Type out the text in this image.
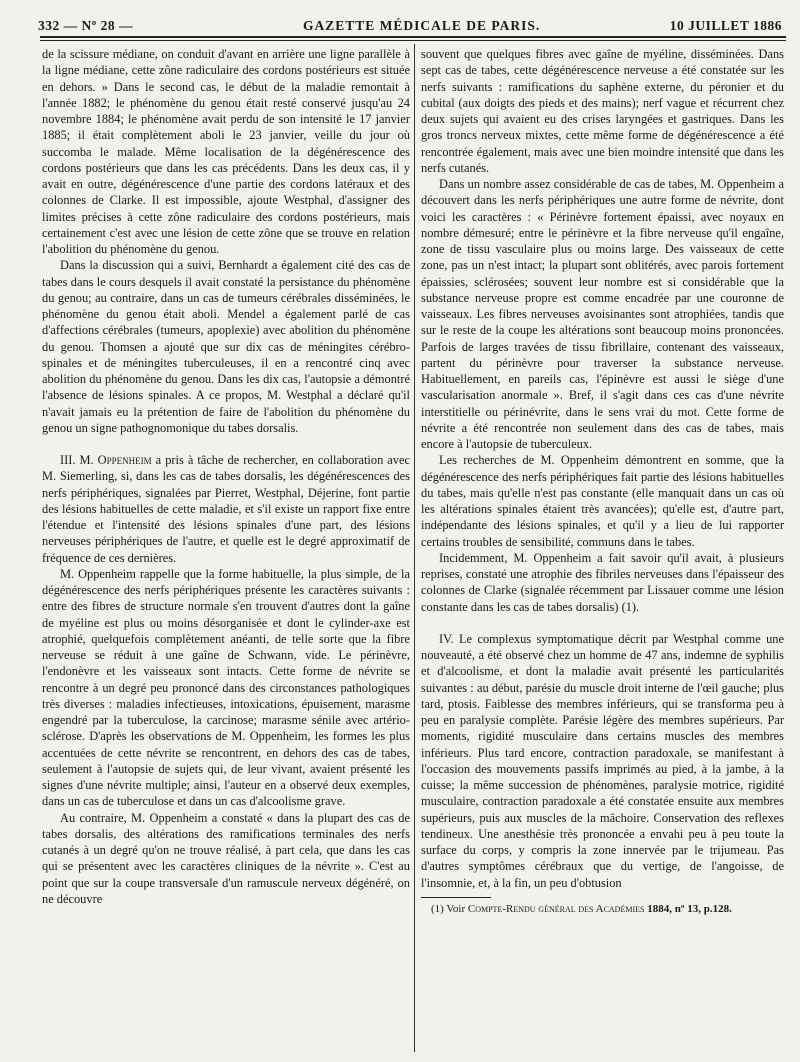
332 — Nº 28 —	GAZETTE MÉDICALE DE PARIS.	10 JUILLET 1886

de la scissure médiane, on conduit d'avant en arrière une ligne parallèle à la ligne médiane, cette zône radiculaire des cordons postérieurs est située en dehors. » Dans le second cas, le début de la maladie remontait à l'année 1882; le phénomène du genou était resté conservé jusqu'au 24 novembre 1884; le phénomène avait perdu de son intensité le 17 janvier 1885; il était complètement aboli le 23 janvier, veille du jour où succomba le malade. Même localisation de la dégénérescence des cordons postérieurs que dans les cas précédents. Dans les deux cas, il y avait en outre, dégénérescence d'une partie des cordons latéraux et des colonnes de Clarke. Il est impossible, ajoute Westphal, d'assigner des limites précises à cette zône radiculaire des cordons postérieurs, mais certainement c'est avec une lésion de cette zône que se trouve en relation l'abolition du phénomène du genou.

Dans la discussion qui a suivi, Bernhardt a également cité des cas de tabes dans le cours desquels il avait constaté la persistance du phénomène du genou; au contraire, dans un cas de tumeurs cérébrales disséminées, le phénomène du genou était aboli. Mendel a également parlé de cas d'affections cérébrales (tumeurs, apoplexie) avec abolition du phénomène du genou. Thomsen a ajouté que sur dix cas de méningites cérébro-spinales et de méningites tuberculeuses, il en a rencontré cinq avec abolition du phénomène du genou. Dans les dix cas, l'autopsie a démontré l'absence de lésions spinales. A ce propos, M. Westphal a déclaré qu'il n'avait jamais eu la prétention de faire de l'abolition du phénomène du genou un signe pathognomonique du tabes dorsalis.

III. M. Oppenheim a pris à tâche de rechercher, en collaboration avec M. Siemerling, si, dans les cas de tabes dorsalis, les dégénérescences des nerfs périphériques, signalées par Pierret, Westphal, Déjerine, font partie des lésions habituelles de cette maladie, et s'il existe un rapport fixe entre l'étendue et l'intensité des lésions spinales d'une part, des lésions nerveuses périphériques de l'autre, et quelle est le degré approximatif de fréquence de ces dernières.

M. Oppenheim rappelle que la forme habituelle, la plus simple, de la dégénérescence des nerfs périphériques présente les caractères suivants : entre des fibres de structure normale s'en trouvent d'autres dont la gaîne de myéline est plus ou moins désorganisée et dont le cylinder-axe est atrophié, quelquefois complètement anéanti, de telle sorte que la fibre nerveuse se réduit à une gaîne de Schwann, vide. Le périnèvre, l'endonèvre et les vaisseaux sont intacts. Cette forme de névrite se rencontre à un degré peu prononcé dans des circonstances pathologiques très diverses : maladies infectieuses, intoxications, épuisement, marasme engendré par la tuberculose, la carcinose; marasme sénile avec artério-sclérose. D'après les observations de M. Oppenheim, les formes les plus accentuées de cette névrite se rencontrent, en dehors des cas de tabes, seulement à l'autopsie de sujets qui, de leur vivant, avaient présenté les signes d'une névrite multiple; ainsi, l'auteur en a observé deux exemples, dans un cas de tuberculose et dans un cas d'alcoolisme grave.

Au contraire, M. Oppenheim a constaté « dans la plupart des cas de tabes dorsalis, des altérations des ramifications terminales des nerfs cutanés à un degré qu'on ne trouve réalisé, à part cela, que dans les cas qui se présentent avec les caractères cliniques de la névrite ». C'est au point que sur la coupe transversale d'un ramuscule nerveux dégénéré, on ne découvre

souvent que quelques fibres avec gaîne de myéline, disséminées. Dans sept cas de tabes, cette dégénérescence nerveuse a été constatée sur les nerfs suivants : ramifications du saphène externe, du péronier et du cubital (aux doigts des pieds et des mains); nerf vague et récurrent chez deux sujets qui avaient eu des crises laryngées et gastriques. Dans les gros troncs nerveux mixtes, cette même forme de dégénérescence a été rencontrée également, mais avec une bien moindre intensité que dans les nerfs cutanés.

Dans un nombre assez considérable de cas de tabes, M. Oppenheim a découvert dans les nerfs périphériques une autre forme de névrite, dont voici les caractères : « Périnèvre fortement épaissi, avec noyaux en nombre démesuré; entre le périnèvre et la fibre nerveuse qu'il engaîne, zone de tissu vasculaire plus ou moins large. Des vaisseaux de cette zone, pas un n'est intact; la plupart sont oblitérés, avec parois fortement épaissies, sclérosées; souvent leur nombre est si considérable que la substance nerveuse propre est comme encadrée par une couronne de vaisseaux. Les fibres nerveuses avoisinantes sont atrophiées, tandis que sur le reste de la coupe les altérations sont beaucoup moins prononcées. Parfois de larges travées de tissu fibrillaire, contenant des vaisseaux, partent du périnèvre pour traverser la substance nerveuse. Habituellement, en pareils cas, l'épinèvre est aussi le siège d'une vascularisation anormale ». Bref, il s'agit dans ces cas d'une névrite interstitielle ou périnévrite, dans le sens vrai du mot. Cette forme de névrite a été rencontrée non seulement dans des cas de tabes, mais encore à l'autopsie de tuberculeux.

Les recherches de M. Oppenheim démontrent en somme, que la dégénérescence des nerfs périphériques fait partie des lésions habituelles du tabes, mais qu'elle n'est pas constante (elle manquait dans un cas où les altérations spinales étaient très avancées); qu'elle est, d'autre part, indépendante des lésions spinales, et qu'il y a lieu de lui rapporter certains troubles de sensibilité, communs dans le tabes.

Incidemment, M. Oppenheim a fait savoir qu'il avait, à plusieurs reprises, constaté une atrophie des fibriles nerveuses dans l'épaisseur des colonnes de Clarke (signalée récemment par Lissauer comme une lésion constante dans les cas de tabes dorsalis) (1).

IV. Le complexus symptomatique décrit par Westphal comme une nouveauté, a été observé chez un homme de 47 ans, indemne de syphilis et d'alcoolisme, et dont la maladie avait présenté les particularités suivantes : au début, parésie du muscle droit interne de l'œil gauche; plus tard, ptosis. Faiblesse des membres inférieurs, qui se transforma peu à peu en paralysie complète. Parésie légère des membres supérieurs. Par moments, rigidité musculaire dans certains muscles des membres inférieurs. Plus tard encore, contraction paradoxale, se manifestant à l'occasion des mouvements passifs imprimés au pied, à la jambe, à la cuisse; la même succession de phénomènes, paralysie motrice, rigidité musculaire, contraction paradoxale a été constatée ensuite aux membres supérieurs, puis aux muscles de la mâchoire. Conservation des reflexes tendineux. Une anesthésie très prononcée a envahi peu à peu toute la surface du corps, y compris la zone innervée par le trijumeau. Pas d'autres symptômes cérébraux que du vertige, de l'angoisse, de l'insomnie, et, à la fin, un peu d'obtusion

(1) Voir Compte-Rendu général des Académies 1884, nº 13, p.128.
